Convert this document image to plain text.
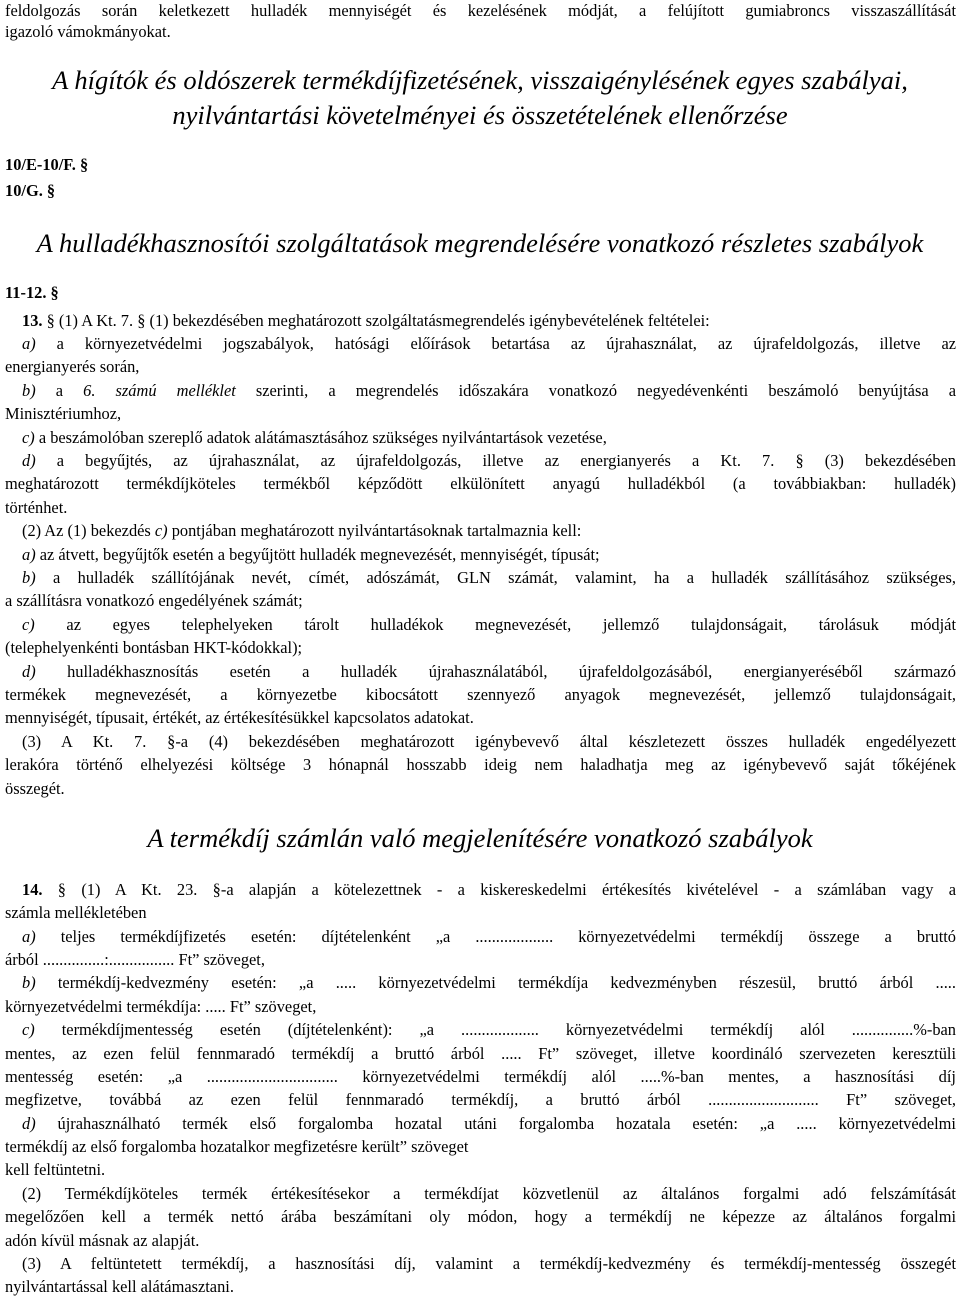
feldolgozás során keletkezett hulladék mennyiségét és kezelésének módját, a felújított gumiabroncs visszaszállítását
igazoló vámokmányokat.
A hígítók és oldószerek termékdíjfizetésének, visszaigénylésének egyes szabályai,
nyilvántartási követelményei és összetételének ellenőrzése
10/E-10/F. §
10/G. §
A hulladékhasznosítói szolgáltatások megrendelésére vonatkozó részletes szabályok
11-12. §
13. § (1) A Kt. 7. § (1) bekezdésében meghatározott szolgáltatásmegrendelés igénybevételének feltételei:
a) a környezetvédelmi jogszabályok, hatósági előírások betartása az újrahasználat, az újrafeldolgozás, illetve az
energianyerés során,
b) a 6. számú melléklet szerinti, a megrendelés időszakára vonatkozó negyedévenkénti beszámoló benyújtása a
Minisztériumhoz,
c) a beszámolóban szereplő adatok alátámasztásához szükséges nyilvántartások vezetése,
d) a begyűjtés, az újrahasználat, az újrafeldolgozás, illetve az energianyerés a Kt. 7. § (3) bekezdésében
meghatározott termékdíjköteles termékből képződött elkülönített anyagú hulladékból (a továbbiakban: hulladék)
történhet.
(2) Az (1) bekezdés c) pontjában meghatározott nyilvántartásoknak tartalmaznia kell:
a) az átvett, begyűjtők esetén a begyűjtött hulladék megnevezését, mennyiségét, típusát;
b) a hulladék szállítójának nevét, címét, adószámát, GLN számát, valamint, ha a hulladék szállításához szükséges,
a szállításra vonatkozó engedélyének számát;
c) az egyes telephelyeken tárolt hulladékok megnevezését, jellemző tulajdonságait, tárolásuk módját
(telephelyenkénti bontásban HKT-kódokkal);
d) hulladékhasznosítás esetén a hulladék újrahasználatából, újrafeldolgozásából, energianyeréséből származó
termékek megnevezését, a környezetbe kibocsátott szennyező anyagok megnevezését, jellemző tulajdonságait,
mennyiségét, típusait, értékét, az értékesítésükkel kapcsolatos adatokat.
(3) A Kt. 7. §-a (4) bekezdésében meghatározott igénybevevő által készletezett összes hulladék engedélyezett
lerakóra történő elhelyezési költsége 3 hónapnál hosszabb ideig nem haladhatja meg az igénybevevő saját tőkéjének
összegét.
A termékdíj számlán való megjelenítésére vonatkozó szabályok
14. § (1) A Kt. 23. §-a alapján a kötelezettnek - a kiskereskedelmi értékesítés kivételével - a számlában vagy a
számla mellékletében
a) teljes termékdíjfizetés esetén: díjtételenként „a ................... környezetvédelmi termékdíj összege a bruttó
árból ...............:................ Ft” szöveget,
b) termékdíj-kedvezmény esetén: „a ..... környezetvédelmi termékdíja kedvezményben részesül, bruttó árból .....
környezetvédelmi termékdíja: ..... Ft” szöveget,
c) termékdíjmentesség esetén (díjtételenként): „a ................... környezetvédelmi termékdíj alól ...............%-ban
mentes, az ezen felül fennmaradó termékdíj a bruttó árból ..... Ft” szöveget, illetve koordináló szervezeten keresztüli
mentesség esetén: „a ................................ környezetvédelmi termékdíj alól .....%-ban mentes, a hasznosítási díj
megfizetve, továbbá az ezen felül fennmaradó termékdíj, a bruttó árból ........................... Ft” szöveget,
d) újrahasználható termék első forgalomba hozatal utáni forgalomba hozatala esetén: „a ..... környezetvédelmi
termékdíj az első forgalomba hozatalkor megfizetésre került” szöveget
kell feltüntetni.
(2) Termékdíjköteles termék értékesítésekor a termékdíjat közvetlenül az általános forgalmi adó felszámítását
megelőzően kell a termék nettó árába beszámítani oly módon, hogy a termékdíj ne képezze az általános forgalmi
adón kívül másnak az alapját.
(3) A feltüntetett termékdíj, a hasznosítási díj, valamint a termékdíj-kedvezmény és termékdíj-mentesség összegét
nyilvántartással kell alátámasztani.
